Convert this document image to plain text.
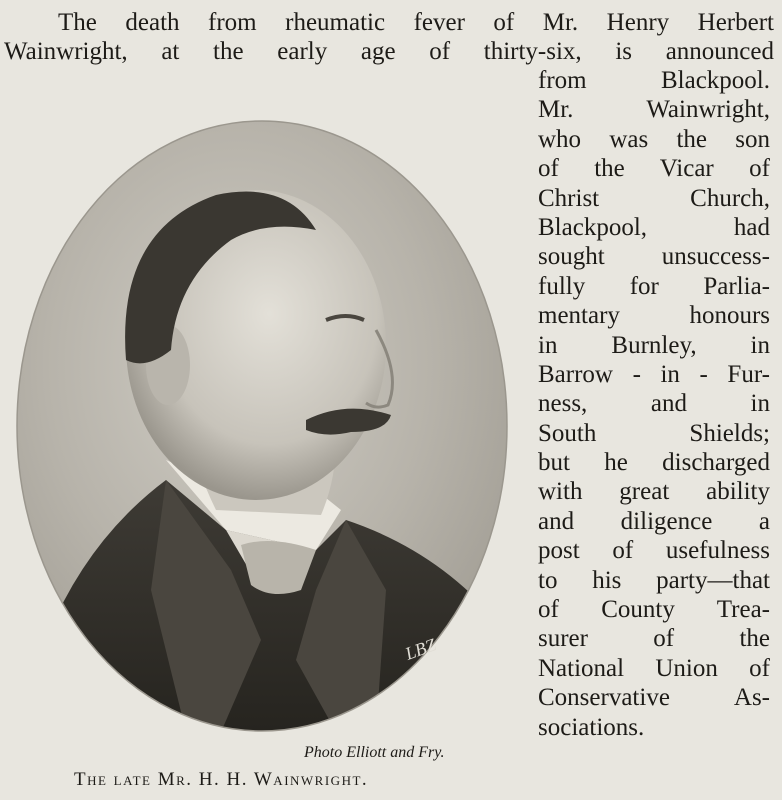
The death from rheumatic fever of Mr. Henry Herbert
Wainwright, at the early age of thirty-six, is announced
from Blackpool.
Mr. Wainwright,
who was the son
of the Vicar of
Christ Church,
Blackpool, had
sought unsuccess-
fully for Parlia-
mentary honours
in Burnley, in
Barrow - in - Fur-
ness, and in
South Shields;
but he discharged
with great ability
and diligence a
post of usefulness
to his party—that
of County Trea-
surer of the
National Union of
Conservative As-
sociations.
LBZ
Photo Elliott and Fry.
The late Mr. H. H. Wainwright.
